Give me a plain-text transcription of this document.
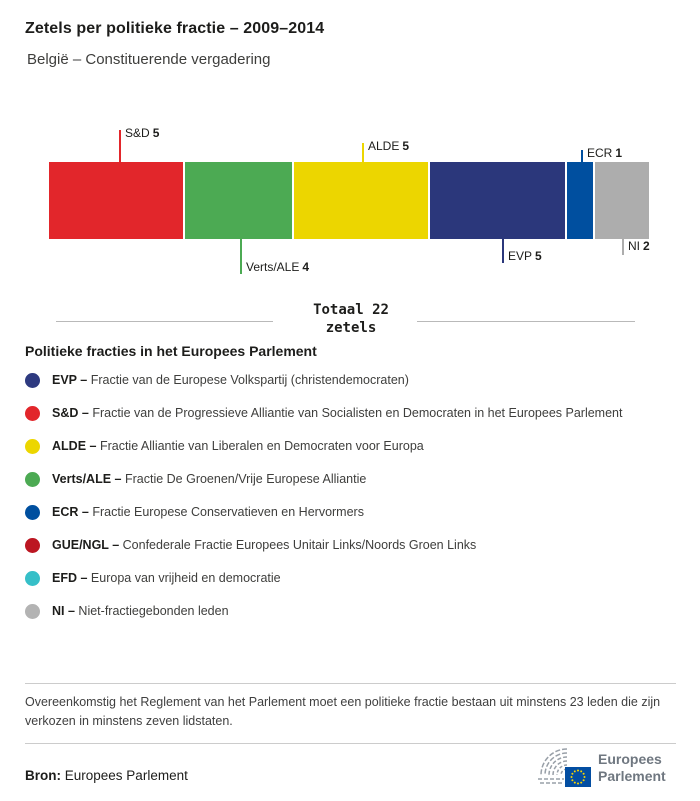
Zetels per politieke fractie – 2009–2014
België – Constituerende vergadering
S&D 5
ALDE 5	ECR 1
Verts/ALE 4
EVP 5
NI 2
Totaal 22
zetels
Politieke fracties in het Europees Parlement
EVP – Fractie van de Europese Volkspartij (christendemocraten)
S&D – Fractie van de Progressieve Alliantie van Socialisten en Democraten in het Europees Parlement
ALDE – Fractie Alliantie van Liberalen en Democraten voor Europa
Verts/ALE – Fractie De Groenen/Vrije Europese Alliantie
ECR – Fractie Europese Conservatieven en Hervormers
GUE/NGL – Confederale Fractie Europees Unitair Links/Noords Groen Links
EFD – Europa van vrijheid en democratie
NI – Niet-fractiegebonden leden
Overeenkomstig het Reglement van het Parlement moet een politieke fractie bestaan uit minstens 23 leden die zijn verkozen in minstens zeven lidstaten.
Bron: Europees Parlement
Europees
Parlement
